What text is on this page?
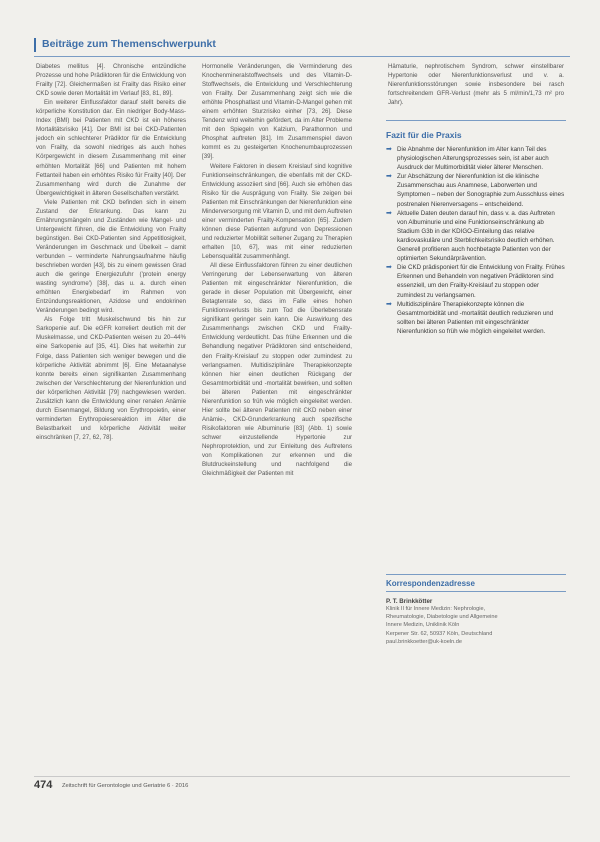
Beiträge zum Themenschwerpunkt

Diabetes mellitus [4]. Chronische entzündliche Prozesse und hohe Prädiktoren für die Entwicklung von Frailty [72]. Gleichermaßen ist Frailty das Risiko einer CKD sowie deren Mortalität im Verlauf [83, 81, 89].

Ein weiterer Einflussfaktor darauf stellt bereits die körperliche Konstitution dar. Ein niedriger Body-Mass-Index (BMI) bei Patienten mit CKD ist ein höheres Mortalitätsrisiko [41]. Der BMI ist bei CKD-Patienten jedoch ein schlechterer Prädiktor für die Entwicklung von Frailty, da sowohl niedriges als auch hohes Körpergewicht in diesem Zusammenhang mit einer erhöhten Mortalität [66] und Patienten mit hohem Fettanteil haben ein erhöhtes Risiko für Frailty [40]. Der Zusammenhang wird durch die Zunahme der Übergewichtigkeit in älteren Gesellschaften verstärkt.

Viele Patienten mit CKD befinden sich in einem Zustand der Erkrankung. Das kann zu Ernährungsmängeln und Zuständen wie Mangel- und Untergewicht führen, die die Entwicklung von Frailty begünstigen. Bei CKD-Patienten sind Appetitlosigkeit, Veränderungen im Geschmack und Übelkeit – damit verbunden – verminderte Nahrungsaufnahme häufig beschrieben worden [43], bis zu einem gewissen Grad auch die geringe Energiezufuhr ('protein energy wasting syndrome') [38], das u. a. durch einen erhöhten Energiebedarf im Rahmen von Entzündungsreaktionen, Azidose und endokrinen Veränderungen bedingt wird.

Als Folge tritt Muskelschwund bis hin zur Sarkopenie auf. Die eGFR korreliert deutlich mit der Muskelmasse, und CKD-Patienten weisen zu 20–44% eine Sarkopenie auf [35, 41]. Dies hat weiterhin zur Folge, dass Patienten sich weniger bewegen und die körperliche Aktivität abnimmt [6]. Eine Metaanalyse konnte bereits einen signifikanten Zusammenhang zwischen der Verschlechterung der Nierenfunktion und der körperlichen Aktivität [79] nachgewiesen werden. Zusätzlich kann die Entwicklung einer renalen Anämie durch Eisenmangel, Bildung von Erythropoietin, einer verminderten Erythropoiesereaktion im Alter die Belastbarkeit und körperliche Aktivität weiter einschränken [7, 27, 62, 78].

Hormonelle Veränderungen, die Verminderung des Knochenmineralstoffwechsels und des Vitamin-D-Stoffwechsels, die Entwicklung und Verschlechterung von Frailty. Der Zusammenhang zeigt sich wie die erhöhte Phosphatlast und Vitamin-D-Mangel gehen mit einem erhöhten Sturzrisiko einher [73, 26]. Diese Tendenz wird weiterhin gefördert, da im Alter Probleme mit den Spiegeln von Kalzium, Parathormon und Phosphat auftreten [81]. Im Zusammenspiel davon kommt es zu gesteigerten Knochenumbauprozessen [39].

Weitere Faktoren in diesem Kreislauf sind kognitive Funktionseinschränkungen, die ebenfalls mit der CKD-Entwicklung assoziiert sind [66]. Auch sie erhöhen das Risiko für die Ausprägung von Frailty. Sie zeigen bei Patienten mit Einschränkungen der Nierenfunktion eine Minderversorgung mit Vitamin D, und mit dem Auftreten einer verminderten Frailty-Kompensation [65]. Zudem können diese Patienten aufgrund von Depressionen und reduzierter Mobilität seltener Zugang zu Therapien erhalten [10, 67], was mit einer reduzierten Lebensqualität zusammenhängt.

All diese Einflussfaktoren führen zu einer deutlichen Verringerung der Lebenserwartung von älteren Patienten mit eingeschränkter Nierenfunktion, die gerade in dieser Population mit Übergewicht, einer Betagtenrate so, dass im Falle eines hohen Funktionsverlusts bis zum Tod die Überlebensrate signifikant geringer sein kann. Die Auswirkung des Zusammenhangs zwischen CKD und Frailty-Entwicklung verdeutlicht. Das frühe Erkennen und die Behandlung negativer Prädiktoren sind entscheidend, den Frailty-Kreislauf zu stoppen oder zumindest zu verlangsamen. Multidisziplinäre Therapiekonzepte können hier einen deutlichen Rückgang der Gesamtmorbidität und -mortalität bewirken, und sollten bei älteren Patienten mit eingeschränkter Nierenfunktion so früh wie möglich eingeleitet werden. Hier sollte bei älteren Patienten mit CKD neben einer Anämie-, CKD-Grunderkrankung auch spezifische Risikofaktoren wie Albuminurie [83] (Abb. 1) sowie schwer einzustellende Hypertonie zur Nephroprotektion, und zur Einleitung des Auftretens von Komplikationen zur erkennen und die Blutdruckeinstellung und nachfolgend die Gleichmäßigkeit der Patienten mit

Hämaturie, nephrotischem Syndrom, schwer einstellbarer Hypertonie oder Nierenfunktionsverlust und v. a. Nierenfunktionsstörungen sowie insbesondere bei rasch fortschreitendem GFR-Verlust (mehr als 5 ml/min/1,73 m² pro Jahr).

Fazit für die Praxis
➡ Die Abnahme der Nierenfunktion im Alter kann Teil des physiologischen Alterungsprozesses sein, ist aber auch Ausdruck der Multimorbidität vieler älterer Menschen.
➡ Zur Abschätzung der Nierenfunktion ist die klinische Zusammenschau aus Anamnese, Laborwerten und Symptomen – neben der Sonographie zum Ausschluss eines postrenalen Nierenversagens – entscheidend.
➡ Aktuelle Daten deuten darauf hin, dass v. a. das Auftreten von Albuminurie und eine Funktionseinschränkung ab Stadium G3b in der KDIGO-Einteilung das relative kardiovaskuläre und Sterblichkeitsrisiko deutlich erhöhen. Generell profitieren auch hochbetagte Patienten von der optimierten Sekundärprävention.
➡ Die CKD prädisponiert für die Entwicklung von Frailty. Frühes Erkennen und Behandeln von negativen Prädiktoren sind essenziell, um den Frailty-Kreislauf zu stoppen oder zumindest zu verlangsamen.
➡ Multidisziplinäre Therapiekonzepte können die Gesamtmorbidität und -mortalität deutlich reduzieren und sollten bei älteren Patienten mit eingeschränkter Nierenfunktion so früh wie möglich eingeleitet werden.
Korrespondenzadresse
P. T. Brinkkötter
Klinik II für Innere Medizin: Nephrologie,
Rheumatologie, Diabetologie und Allgemeine
Innere Medizin, Uniklinik Köln
Kerpener Str. 62, 50937 Köln, Deutschland
paul.brinkkoetter@uk-koeln.de
474 Zeitschrift für Gerontologie und Geriatrie 6 · 2016
